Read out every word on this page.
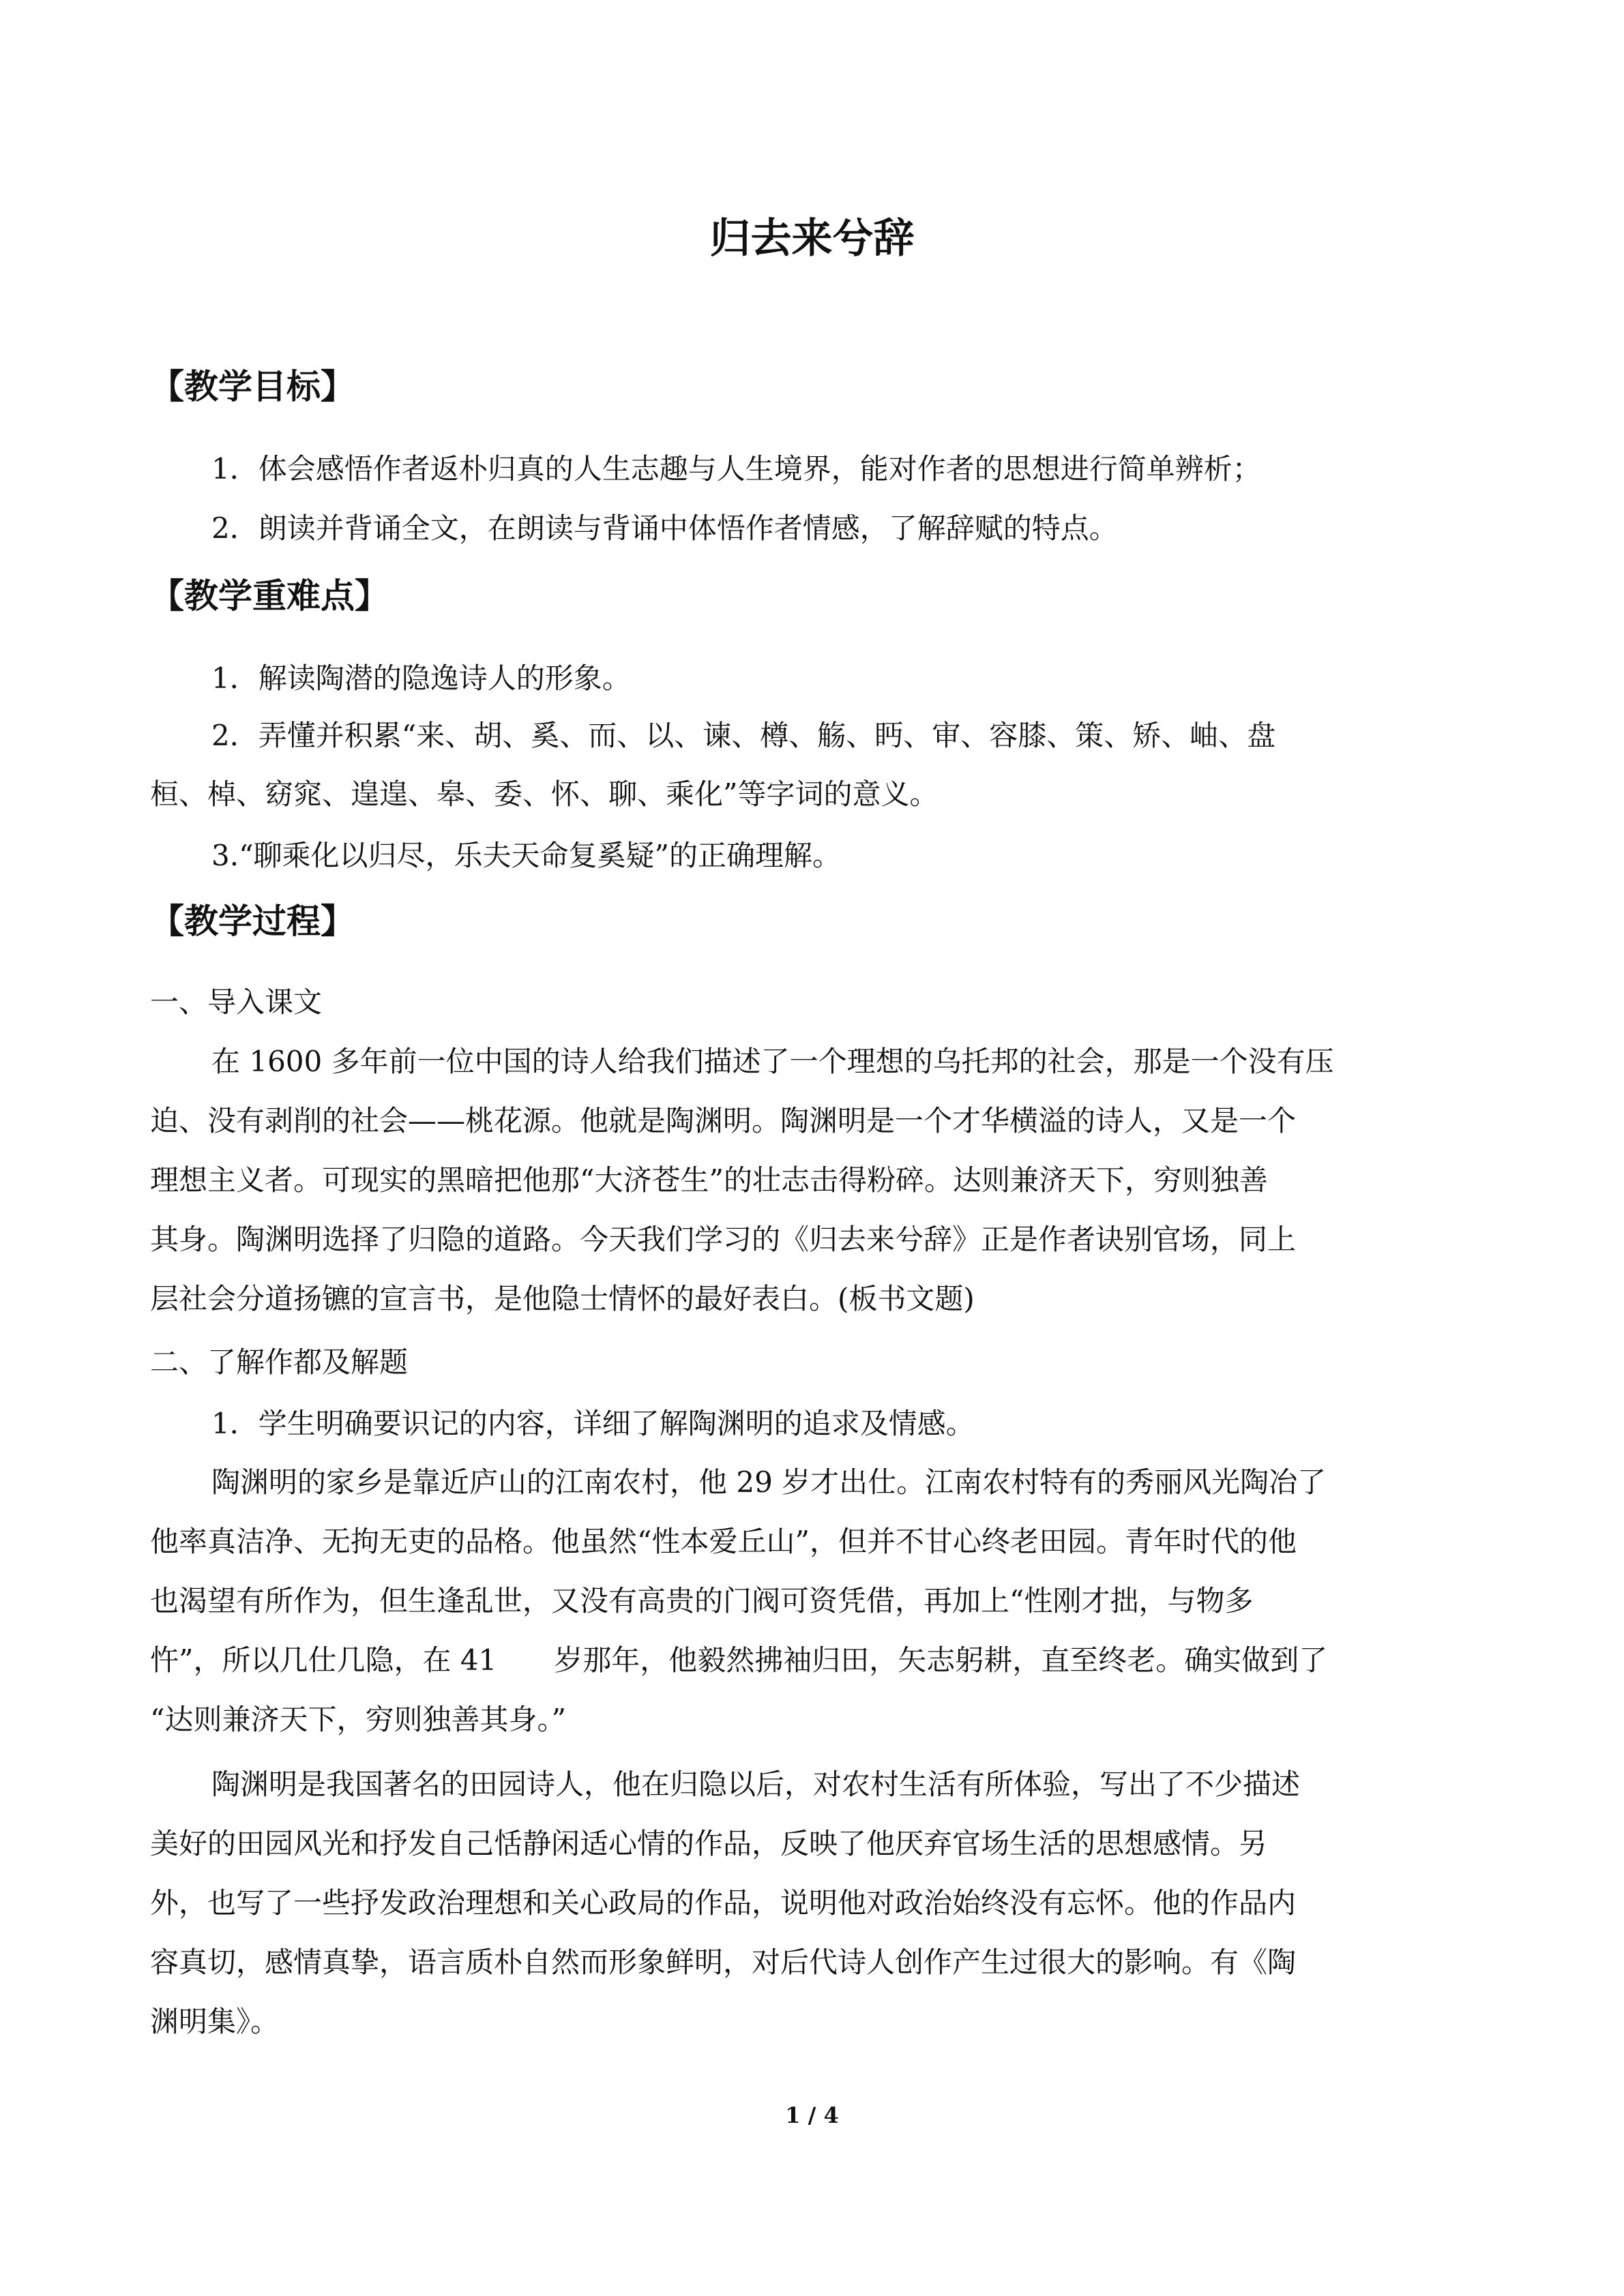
归去来兮辞
【教学目标】
1．体会感悟作者返朴归真的人生志趣与人生境界，能对作者的思想进行简单辨析；
2．朗读并背诵全文，在朗读与背诵中体悟作者情感，了解辞赋的特点。
【教学重难点】
1．解读陶潜的隐逸诗人的形象。
2．弄懂并积累“来、胡、奚、而、以、谏、樽、觞、眄、审、容膝、策、矫、岫、盘
桓、棹、窈窕、遑遑、皋、委、怀、聊、乘化”等字词的意义。
3.“聊乘化以归尽，乐夫天命复奚疑”的正确理解。
【教学过程】
一、导入课文
在 1600 多年前一位中国的诗人给我们描述了一个理想的乌托邦的社会，那是一个没有压
迫、没有剥削的社会——桃花源。他就是陶渊明。陶渊明是一个才华横溢的诗人，又是一个
理想主义者。可现实的黑暗把他那“大济苍生”的壮志击得粉碎。达则兼济天下，穷则独善
其身。陶渊明选择了归隐的道路。今天我们学习的《归去来兮辞》正是作者诀别官场，同上
层社会分道扬镳的宣言书，是他隐士情怀的最好表白。(板书文题)
二、了解作都及解题
1．学生明确要识记的内容，详细了解陶渊明的追求及情感。
陶渊明的家乡是靠近庐山的江南农村，他 29 岁才出仕。江南农村特有的秀丽风光陶冶了
他率真洁净、无拘无吏的品格。他虽然“性本爱丘山”，但并不甘心终老田园。青年时代的他
也渴望有所作为，但生逢乱世，又没有高贵的门阀可资凭借，再加上“性刚才拙，与物多
忤”，所以几仕几隐，在 41　　岁那年，他毅然拂袖归田，矢志躬耕，直至终老。确实做到了
“达则兼济天下，穷则独善其身。”
陶渊明是我国著名的田园诗人，他在归隐以后，对农村生活有所体验，写出了不少描述
美好的田园风光和抒发自己恬静闲适心情的作品，反映了他厌弃官场生活的思想感情。另
外，也写了一些抒发政治理想和关心政局的作品，说明他对政治始终没有忘怀。他的作品内
容真切，感情真挚，语言质朴自然而形象鲜明，对后代诗人创作产生过很大的影响。有《陶
渊明集》。
1 / 4
